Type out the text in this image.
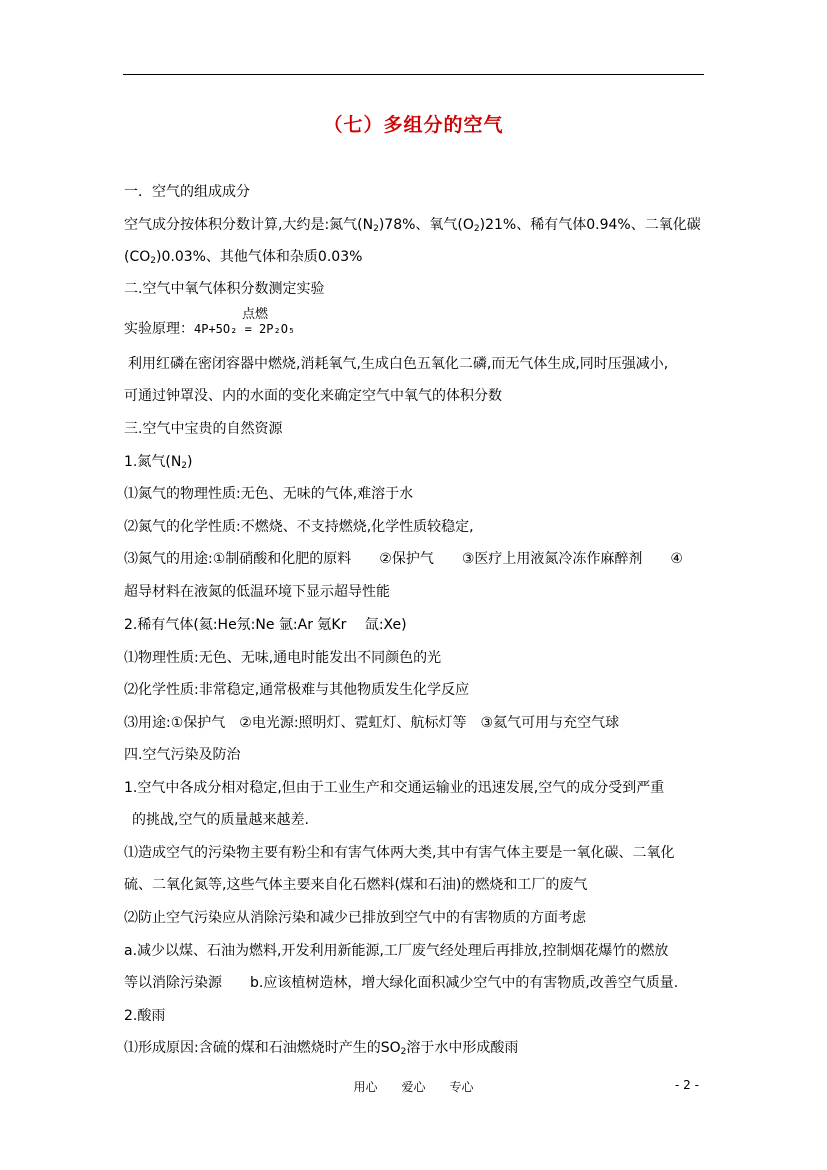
（七）多组分的空气
一．空气的组成成分
空气成分按体积分数计算,大约是:氮气$(N_2)78\%$、氧气$(O_2)21\%$、稀有气体0.94%、二氧化碳
$(CO_2)0.03\%$、其他气体和杂质0.03%
二.空气中氧气体积分数测定实验
实验原理：
点燃
4P+5O₂ = 2P₂O₅
利用红磷在密闭容器中燃烧,消耗氧气,生成白色五氧化二磷,而无气体生成,同时压强减小,
可通过钟罩没、内的水面的变化来确定空气中氧气的体积分数
三.空气中宝贵的自然资源
1.氮气$(N_2)$
⑴氮气的物理性质:无色、无味的气体,难溶于水
⑵氮气的化学性质:不燃烧、不支持燃烧,化学性质较稳定,
⑶氮气的用途:①制硝酸和化肥的原料　　②保护气　　③医疗上用液氮冷冻作麻醉剂　　④
超导材料在液氮的低温环境下显示超导性能
2.稀有气体(氦:He氖:Ne 氩:Ar 氪Kr　 氙:Xe)
⑴物理性质:无色、无味,通电时能发出不同颜色的光
⑵化学性质:非常稳定,通常极难与其他物质发生化学反应
⑶用途:①保护气　②电光源:照明灯、霓虹灯、航标灯等　③氦气可用与充空气球
四.空气污染及防治
1.空气中各成分相对稳定,但由于工业生产和交通运输业的迅速发展,空气的成分受到严重
的挑战,空气的质量越来越差.
⑴造成空气的污染物主要有粉尘和有害气体两大类,其中有害气体主要是一氧化碳、二氧化
硫、二氧化氮等,这些气体主要来自化石燃料(煤和石油)的燃烧和工厂的废气
⑵防止空气污染应从消除污染和减少已排放到空气中的有害物质的方面考虑
a.减少以煤、石油为燃料,开发利用新能源,工厂废气经处理后再排放,控制烟花爆竹的燃放
等以消除污染源　　b.应该植树造林，增大绿化面积减少空气中的有害物质,改善空气质量.
2.酸雨
⑴形成原因:含硫的煤和石油燃烧时产生的$SO_2$溶于水中形成酸雨
用心　　爱心　　专心	- 2 -
